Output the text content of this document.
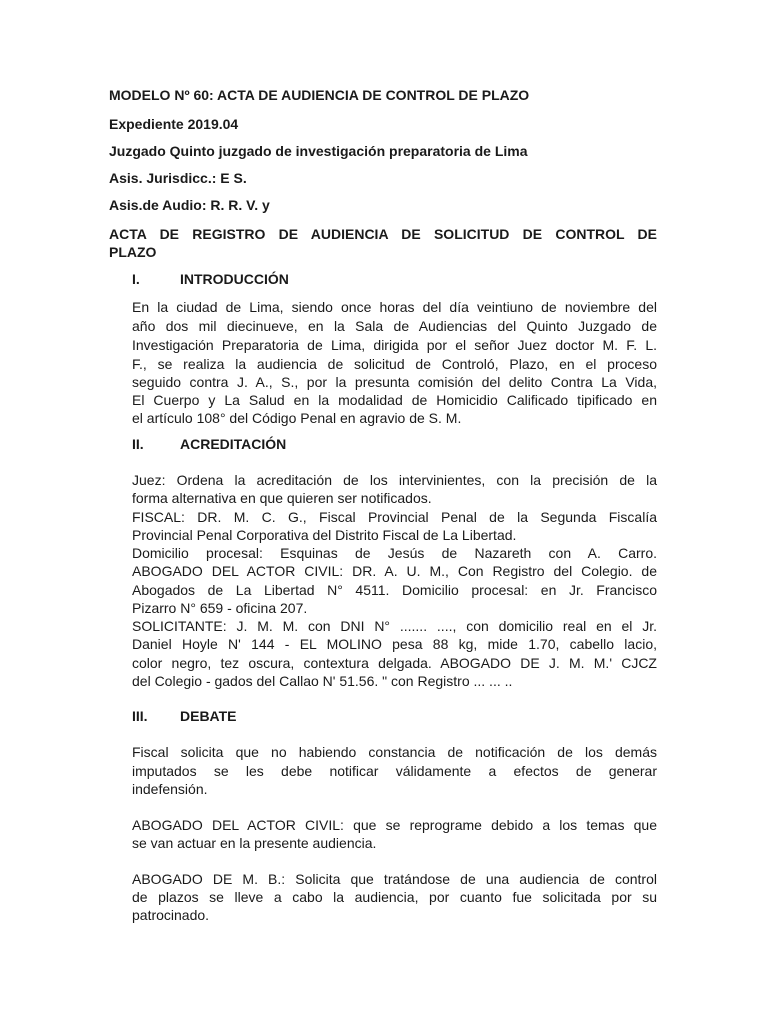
MODELO Nº 60: ACTA DE AUDIENCIA DE CONTROL DE PLAZO
Expediente 2019.04
Juzgado Quinto juzgado de investigación preparatoria de Lima
Asis. Jurisdicc.: E S.
Asis.de Audio: R. R. V. y
ACTA DE REGISTRO DE AUDIENCIA DE SOLICITUD DE CONTROL DE
PLAZO
I.	INTRODUCCIÓN
En la ciudad de Lima, siendo once horas del día veintiuno de noviembre del
año dos mil diecinueve, en la Sala de Audiencias del Quinto Juzgado de
Investigación Preparatoria de Lima, dirigida por el señor Juez doctor M. F. L.
F., se realiza la audiencia de solicitud de Controló, Plazo, en el proceso
seguido contra J. A., S., por la presunta comisión del delito Contra La Vida,
El Cuerpo y La Salud en la modalidad de Homicidio Calificado tipificado en
el artículo 108° del Código Penal en agravio de S. M.
II.	ACREDITACIÓN
Juez: Ordena la acreditación de los intervinientes, con la precisión de la
forma alternativa en que quieren ser notificados.
FISCAL: DR. M. C. G., Fiscal Provincial Penal de la Segunda Fiscalía
Provincial Penal Corporativa del Distrito Fiscal de La Libertad.
Domicilio procesal: Esquinas de Jesús de Nazareth con A. Carro.
ABOGADO DEL ACTOR CIVIL: DR. A. U. M., Con Registro del Colegio. de
Abogados de La Libertad N° 4511. Domicilio procesal: en Jr. Francisco
Pizarro N° 659 - oficina 207.
SOLICITANTE: J. M. M. con DNI N° ....... ...., con domicilio real en el Jr.
Daniel Hoyle N' 144 - EL MOLINO pesa 88 kg, mide 1.70, cabello lacio,
color negro, tez oscura, contextura delgada. ABOGADO DE J. M. M.' CJCZ
del Colegio - gados del Callao N' 51.56. " con Registro ... ... ..
III. DEBATE
Fiscal solicita que no habiendo constancia de notificación de los demás
imputados se les debe notificar válidamente a efectos de generar
indefensión.
ABOGADO DEL ACTOR CIVIL: que se reprograme debido a los temas que
se van actuar en la presente audiencia.
ABOGADO DE M. B.: Solicita que tratándose de una audiencia de control
de plazos se lleve a cabo la audiencia, por cuanto fue solicitada por su
patrocinado.
